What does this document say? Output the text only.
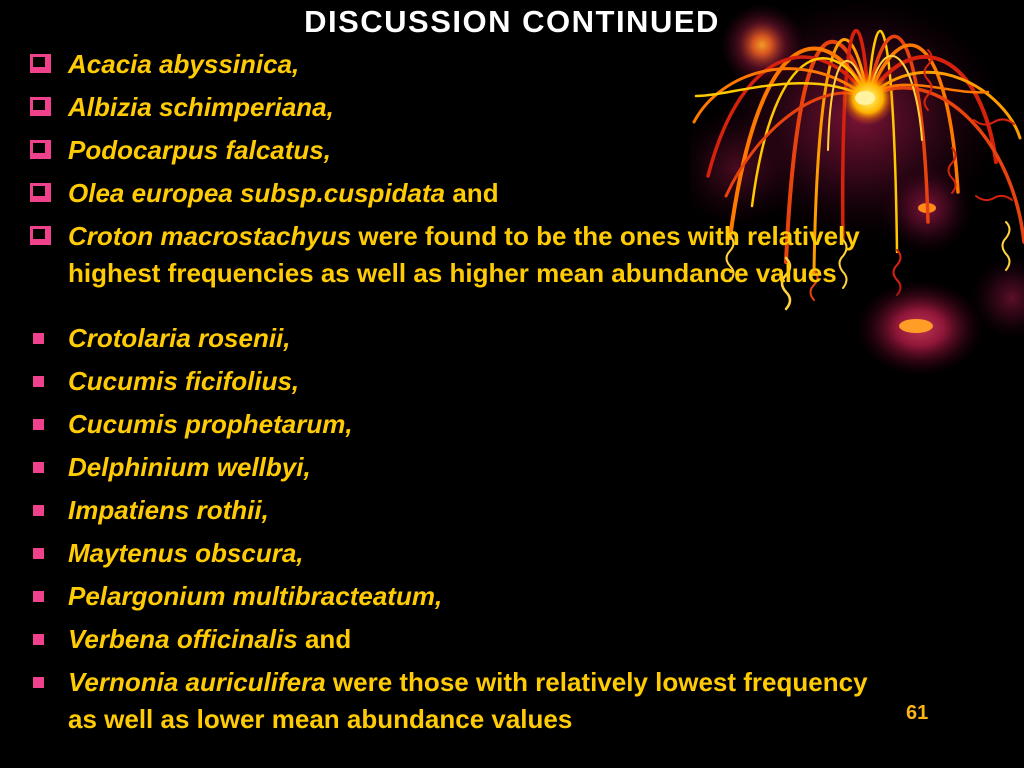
DISCUSSION CONTINUED
Acacia abyssinica,
Albizia schimperiana,
Podocarpus falcatus,
Olea europea subsp.cuspidata and
Croton macrostachyus were found to be the ones with relatively highest frequencies as well as higher mean abundance values
Crotolaria rosenii,
Cucumis ficifolius,
Cucumis prophetarum,
Delphinium wellbyi,
Impatiens rothii,
Maytenus obscura,
Pelargonium multibracteatum,
Verbena officinalis and
Vernonia auriculifera were those with relatively lowest frequency as well as lower mean abundance values	61
